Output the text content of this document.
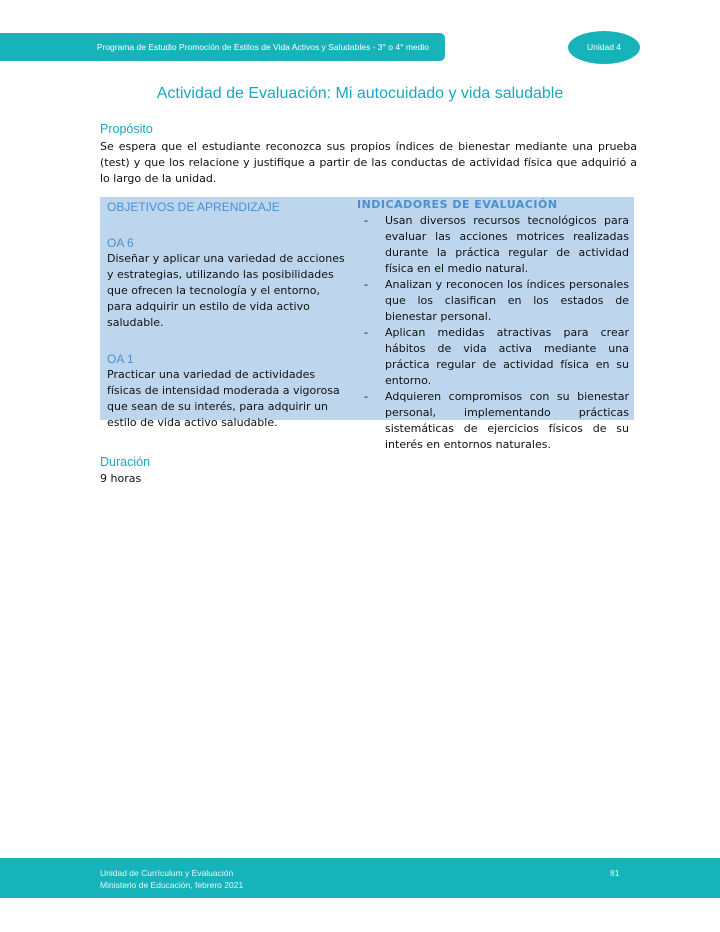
Programa de Estudio Promoción de Estilos de Vida Activos y Saludables - 3° o 4° medio	Unidad 4
Actividad de Evaluación: Mi autocuidado y vida saludable
Propósito
Se espera que el estudiante reconozca sus propios índices de bienestar mediante una prueba (test) y que los relacione y justifique a partir de las conductas de actividad física que adquirió a lo largo de la unidad.
OBJETIVOS DE APRENDIZAJE
OA 6
Diseñar y aplicar una variedad de acciones y estrategias, utilizando las posibilidades que ofrecen la tecnología y el entorno, para adquirir un estilo de vida activo saludable.
OA 1
Practicar una variedad de actividades físicas de intensidad moderada a vigorosa que sean de su interés, para adquirir un estilo de vida activo saludable.
INDICADORES DE EVALUACIÓN
- Usan diversos recursos tecnológicos para evaluar las acciones motrices realizadas durante la práctica regular de actividad física en el medio natural.
- Analizan y reconocen los índices personales que los clasifican en los estados de bienestar personal.
- Aplican medidas atractivas para crear hábitos de vida activa mediante una práctica regular de actividad física en su entorno.
- Adquieren compromisos con su bienestar personal, implementando prácticas sistemáticas de ejercicios físicos de su interés en entornos naturales.
Duración
9 horas
Unidad de Currículum y Evaluación
Ministerio de Educación, febrero 2021
81
